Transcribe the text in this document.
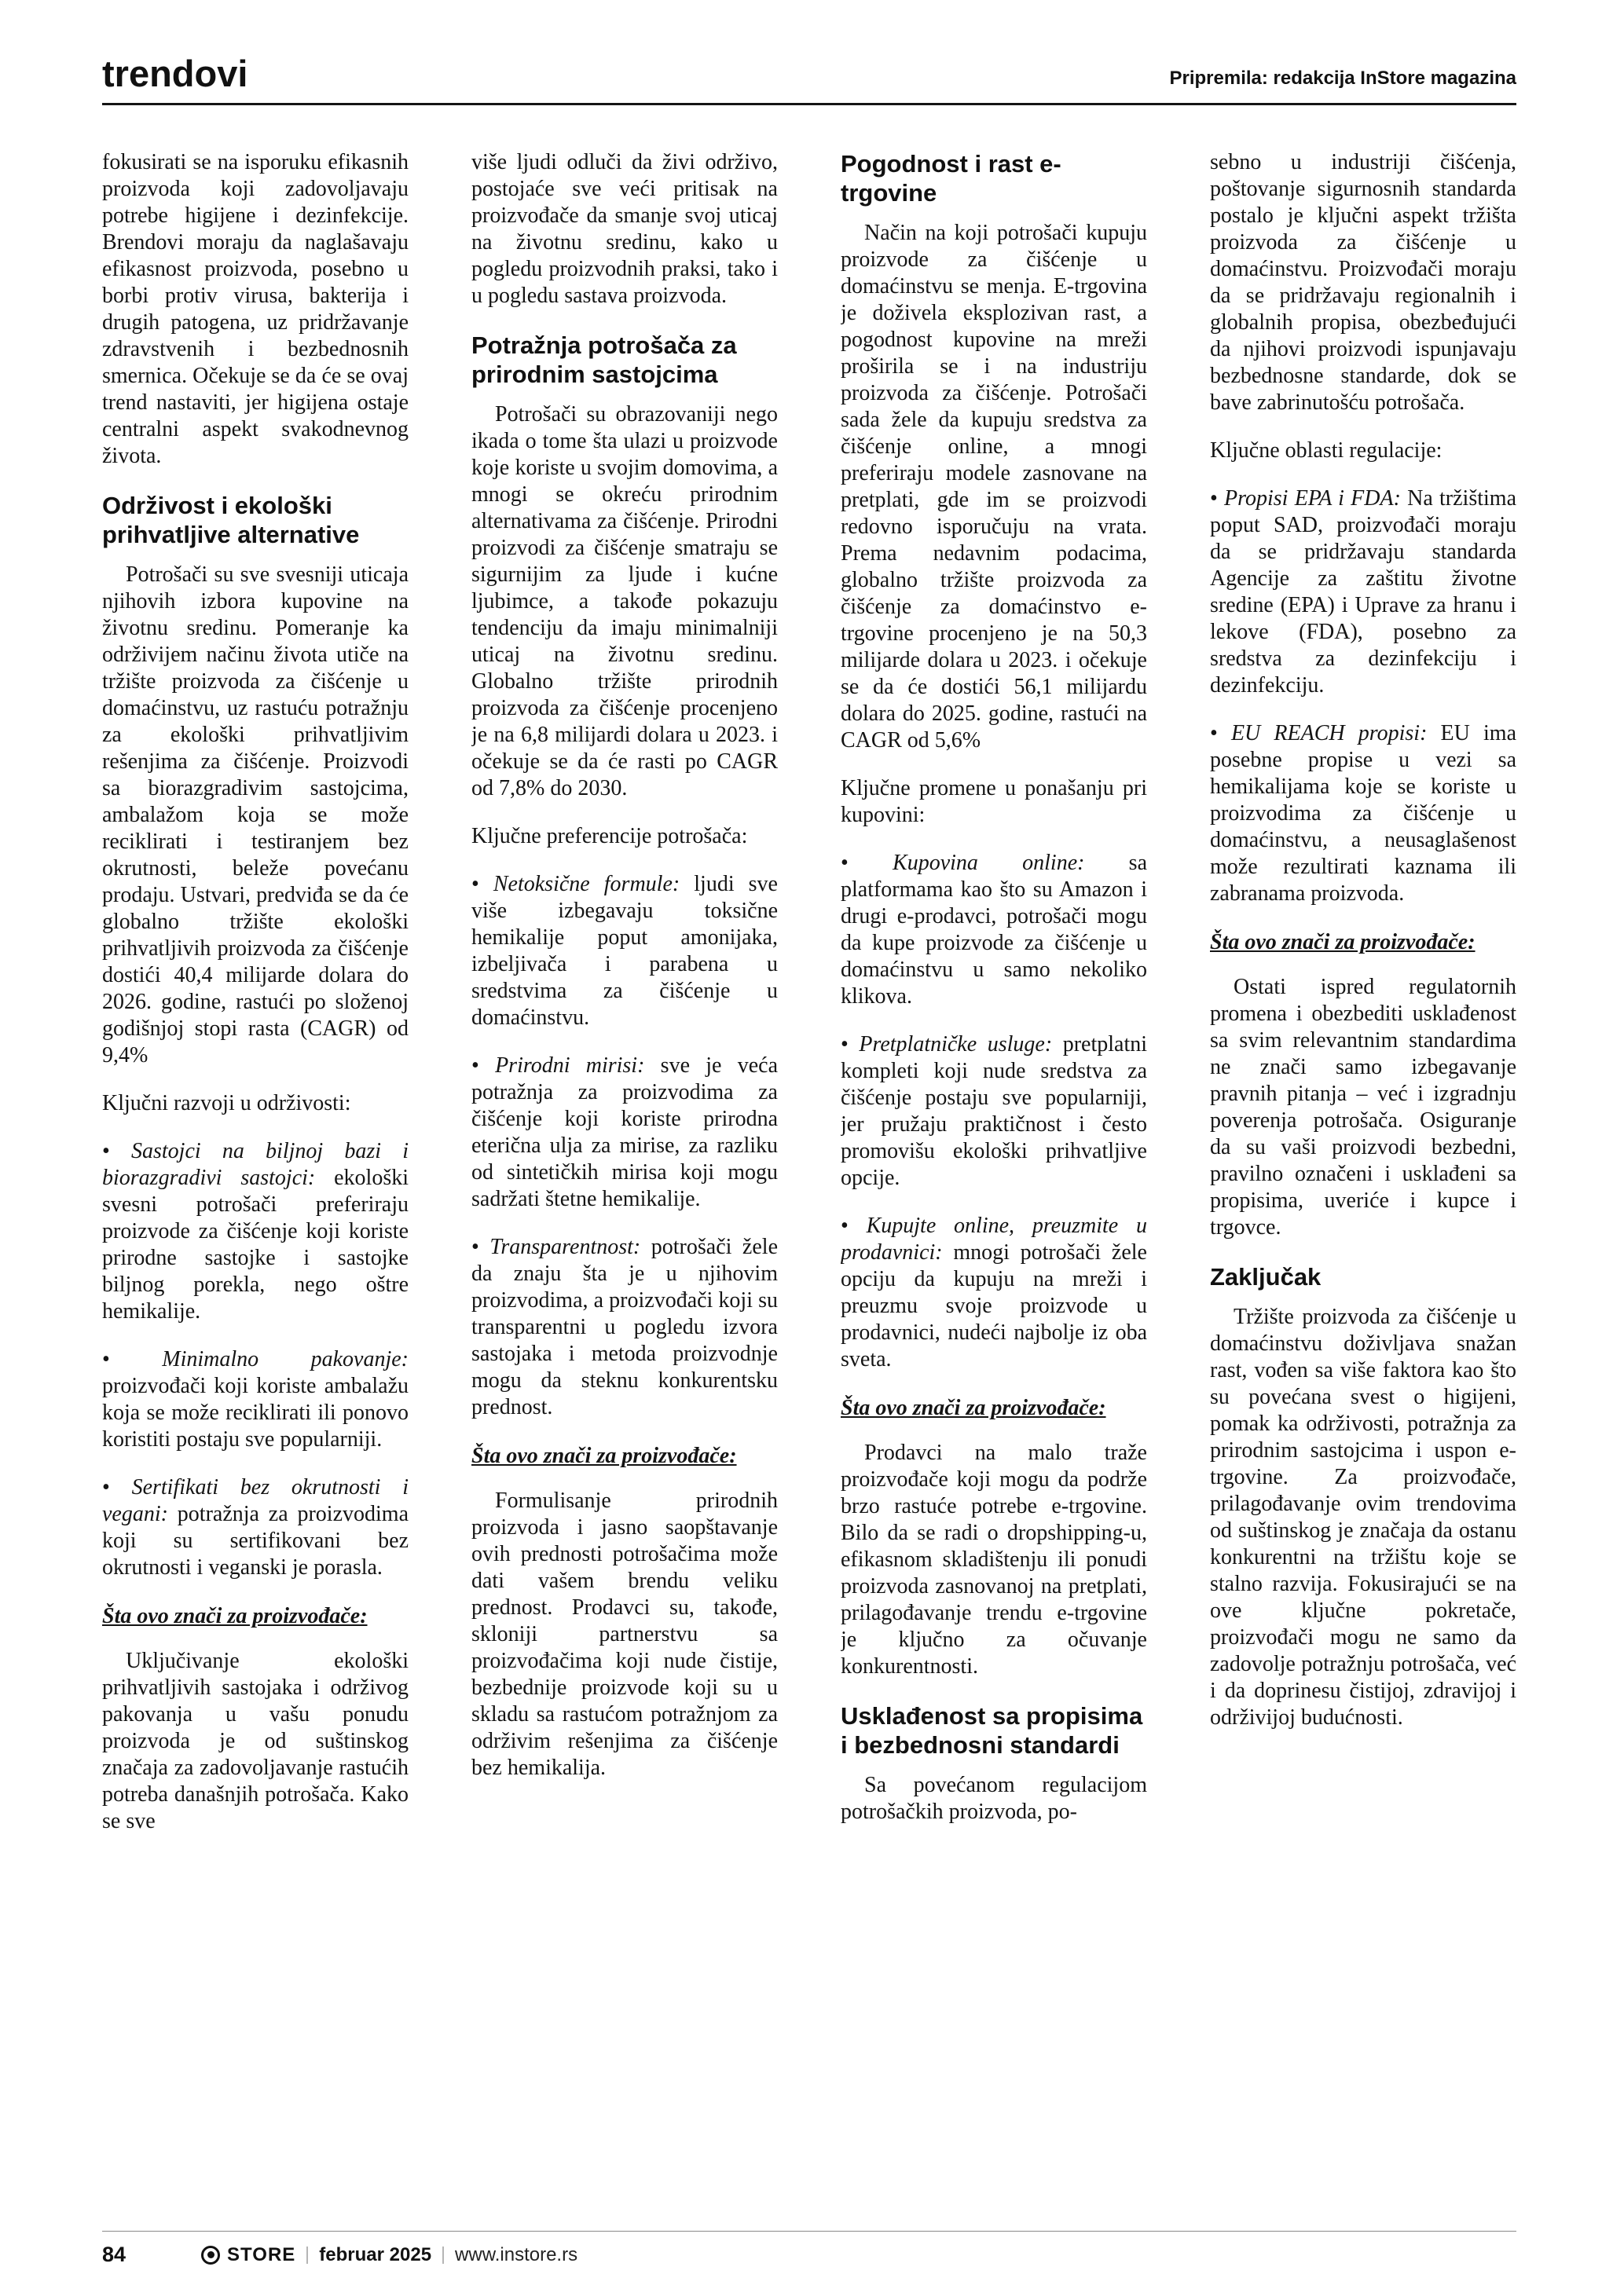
trendovi	Pripremila: redakcija InStore magazina

fokusirati se na isporuku efikasnih proizvoda koji zadovoljavaju potrebe higijene i dezinfekcije. Brendovi moraju da naglašavaju efikasnost proizvoda, posebno u borbi protiv virusa, bakterija i drugih patogena, uz pridržavanje zdravstvenih i bezbednosnih smernica. Očekuje se da će se ovaj trend nastaviti, jer higijena ostaje centralni aspekt svakodnevnog života.

Održivost i ekološki prihvatljive alternative

Potrošači su sve svesniji uticaja njihovih izbora kupovine na životnu sredinu. Pomeranje ka održivijem načinu života utiče na tržište proizvoda za čišćenje u domaćinstvu, uz rastuću potražnju za ekološki prihvatljivim rešenjima za čišćenje. Proizvodi sa biorazgradivim sastojcima, ambalažom koja se može reciklirati i testiranjem bez okrutnosti, beleže povećanu prodaju. Ustvari, predviđa se da će globalno tržište ekološki prihvatljivih proizvoda za čišćenje dostići 40,4 milijarde dolara do 2026. godine, rastući po složenoj godišnjoj stopi rasta (CAGR) od 9,4%

Ključni razvoji u održivosti:

• Sastojci na biljnoj bazi i biorazgradivi sastojci: ekološki svesni potrošači preferiraju proizvode za čišćenje koji koriste prirodne sastojke i sastojke biljnog porekla, nego oštre hemikalije.

• Minimalno pakovanje: proizvođači koji koriste ambalažu koja se može reciklirati ili ponovo koristiti postaju sve popularniji.

• Sertifikati bez okrutnosti i vegani: potražnja za proizvodima koji su sertifikovani bez okrutnosti i veganski je porasla.

Šta ovo znači za proizvođače:

Uključivanje ekološki prihvatljivih sastojaka i održivog pakovanja u vašu ponudu proizvoda je od suštinskog značaja za zadovoljavanje rastućih potreba današnjih potrošača. Kako se sve

više ljudi odluči da živi održivo, postojaće sve veći pritisak na proizvođače da smanje svoj uticaj na životnu sredinu, kako u pogledu proizvodnih praksi, tako i u pogledu sastava proizvoda.

Potražnja potrošača za prirodnim sastojcima

Potrošači su obrazovaniji nego ikada o tome šta ulazi u proizvode koje koriste u svojim domovima, a mnogi se okreću prirodnim alternativama za čišćenje. Prirodni proizvodi za čišćenje smatraju se sigurnijim za ljude i kućne ljubimce, a takođe pokazuju tendenciju da imaju minimalniji uticaj na životnu sredinu. Globalno tržište prirodnih proizvoda za čišćenje procenjeno je na 6,8 milijardi dolara u 2023. i očekuje se da će rasti po CAGR od 7,8% do 2030.

Ključne preferencije potrošača:

• Netoksične formule: ljudi sve više izbegavaju toksične hemikalije poput amonijaka, izbeljivača i parabena u sredstvima za čišćenje u domaćinstvu.

• Prirodni mirisi: sve je veća potražnja za proizvodima za čišćenje koji koriste prirodna eterična ulja za mirise, za razliku od sintetičkih mirisa koji mogu sadržati štetne hemikalije.

• Transparentnost: potrošači žele da znaju šta je u njihovim proizvodima, a proizvođači koji su transparentni u pogledu izvora sastojaka i metoda proizvodnje mogu da steknu konkurentsku prednost.

Šta ovo znači za proizvođače:

Formulisanje prirodnih proizvoda i jasno saopštavanje ovih prednosti potrošačima može dati vašem brendu veliku prednost. Prodavci su, takođe, skloniji partnerstvu sa proizvođačima koji nude čistije, bezbednije proizvode koji su u skladu sa rastućom potražnjom za održivim rešenjima za čišćenje bez hemikalija.

Pogodnost i rast e-trgovine

Način na koji potrošači kupuju proizvode za čišćenje u domaćinstvu se menja. E-trgovina je doživela eksplozivan rast, a pogodnost kupovine na mreži proširila se i na industriju proizvoda za čišćenje. Potrošači sada žele da kupuju sredstva za čišćenje online, a mnogi preferiraju modele zasnovane na pretplati, gde im se proizvodi redovno isporučuju na vrata. Prema nedavnim podacima, globalno tržište proizvoda za čišćenje za domaćinstvo e-trgovine procenjeno je na 50,3 milijarde dolara u 2023. i očekuje se da će dostići 56,1 milijardu dolara do 2025. godine, rastući na CAGR od 5,6%

Ključne promene u ponašanju pri kupovini:

• Kupovina online: sa platformama kao što su Amazon i drugi e-prodavci, potrošači mogu da kupe proizvode za čišćenje u domaćinstvu u samo nekoliko klikova.

• Pretplatničke usluge: pretplatni kompleti koji nude sredstva za čišćenje postaju sve popularniji, jer pružaju praktičnost i često promovišu ekološki prihvatljive opcije.

• Kupujte online, preuzmite u prodavnici: mnogi potrošači žele opciju da kupuju na mreži i preuzmu svoje proizvode u prodavnici, nudeći najbolje iz oba sveta.

Šta ovo znači za proizvođače:

Prodavci na malo traže proizvođače koji mogu da podrže brzo rastuće potrebe e-trgovine. Bilo da se radi o dropshipping-u, efikasnom skladištenju ili ponudi proizvoda zasnovanoj na pretplati, prilagođavanje trendu e-trgovine je ključno za očuvanje konkurentnosti.

Usklađenost sa propisima i bezbednosni standardi

Sa povećanom regulacijom potrošačkih proizvoda, po-

sebno u industriji čišćenja, poštovanje sigurnosnih standarda postalo je ključni aspekt tržišta proizvoda za čišćenje u domaćinstvu. Proizvođači moraju da se pridržavaju regionalnih i globalnih propisa, obezbeđujući da njihovi proizvodi ispunjavaju bezbednosne standarde, dok se bave zabrinutošću potrošača.

Ključne oblasti regulacije:

• Propisi EPA i FDA: Na tržištima poput SAD, proizvođači moraju da se pridržavaju standarda Agencije za zaštitu životne sredine (EPA) i Uprave za hranu i lekove (FDA), posebno za sredstva za dezinfekciju i dezinfekciju.

• EU REACH propisi: EU ima posebne propise u vezi sa hemikalijama koje se koriste u proizvodima za čišćenje u domaćinstvu, a neusaglašenost može rezultirati kaznama ili zabranama proizvoda.

Šta ovo znači za proizvođače:

Ostati ispred regulatornih promena i obezbediti usklađenost sa svim relevantnim standardima ne znači samo izbegavanje pravnih pitanja – već i izgradnju poverenja potrošača. Osiguranje da su vaši proizvodi bezbedni, pravilno označeni i usklađeni sa propisima, uveriće i kupce i trgovce.

Zaključak

Tržište proizvoda za čišćenje u domaćinstvu doživljava snažan rast, vođen sa više faktora kao što su povećana svest o higijeni, pomak ka održivosti, potražnja za prirodnim sastojcima i uspon e-trgovine. Za proizvođače, prilagođavanje ovim trendovima od suštinskog je značaja da ostanu konkurentni na tržištu koje se stalno razvija. Fokusirajući se na ove ključne pokretače, proizvođači mogu ne samo da zadovolje potražnju potrošača, već i da doprinesu čistijoj, zdravijoj i održivijoj budućnosti.

84	STORE februar 2025 www.instore.rs
